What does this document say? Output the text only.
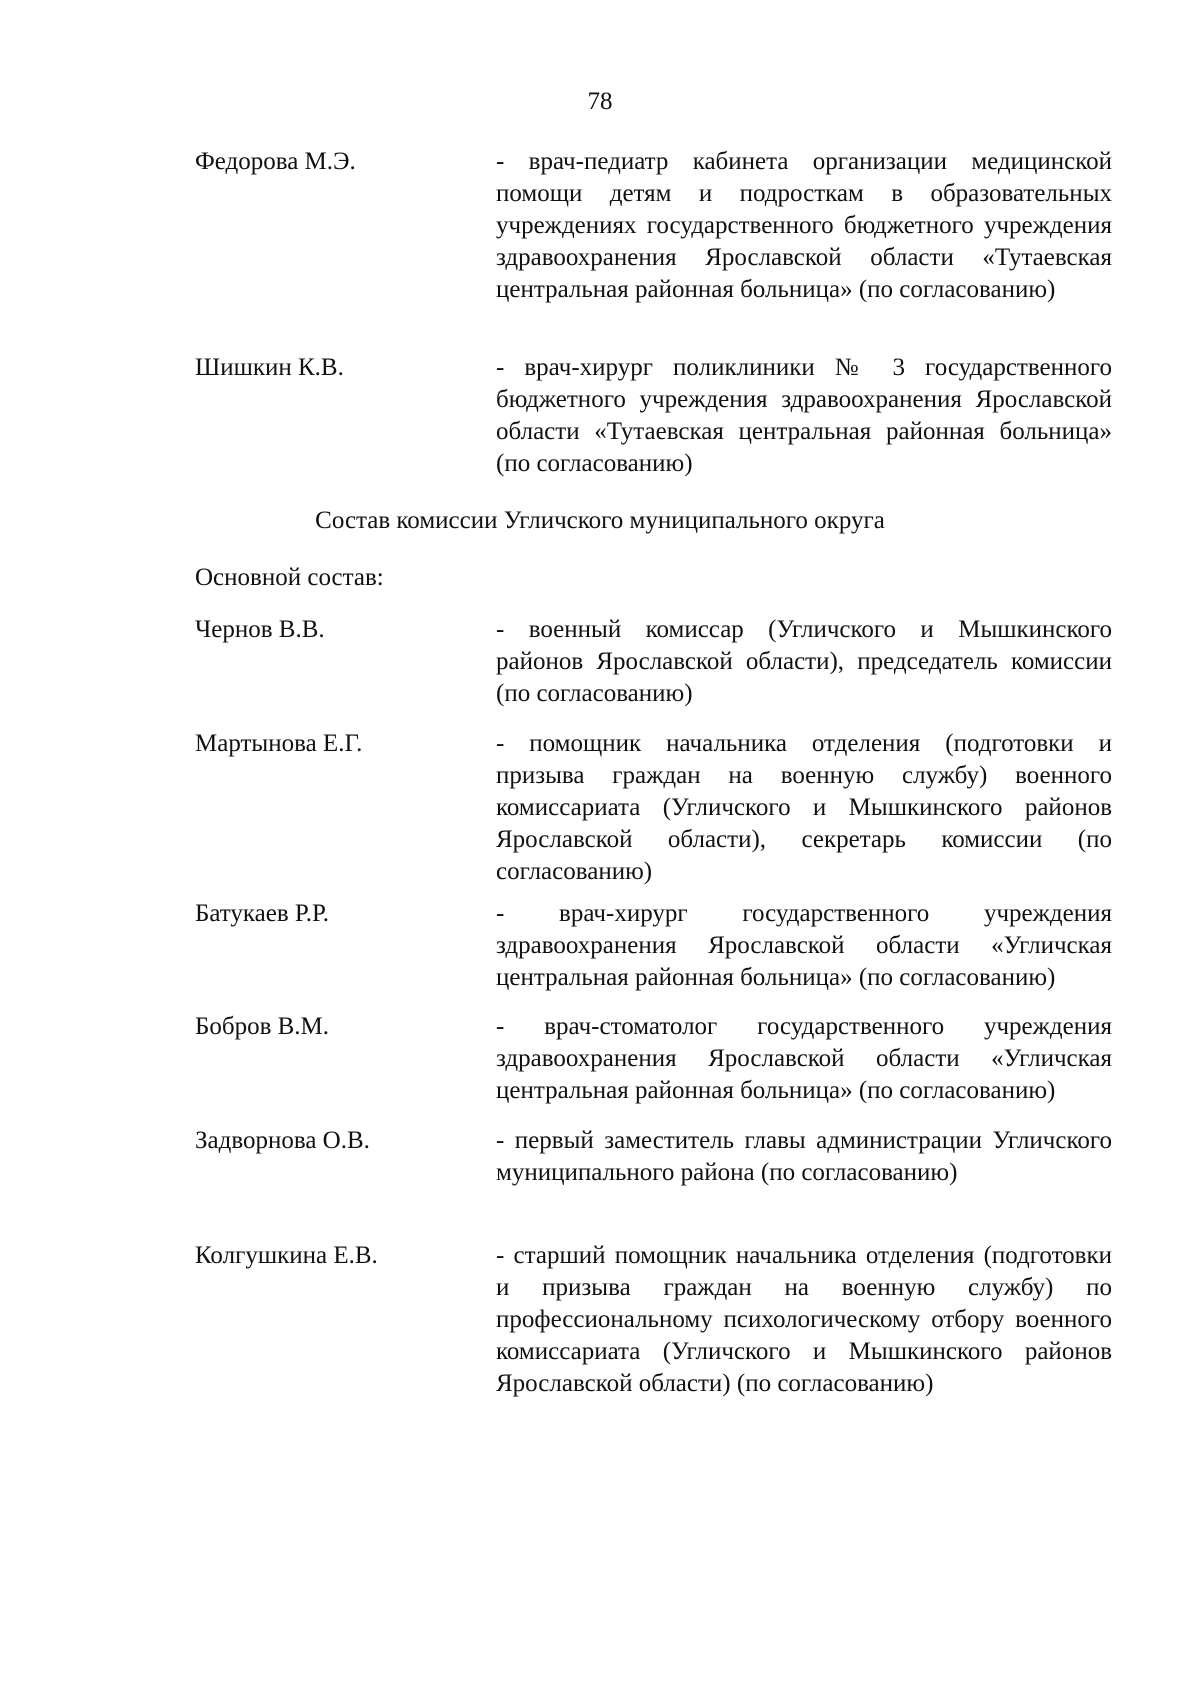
78
Федорова М.Э.	- врач-педиатр кабинета организации медицинской помощи детям и подросткам в образовательных учреждениях государственного бюджетного учреждения здравоохранения Ярославской области «Тутаевская центральная районная больница» (по согласованию)
Шишкин К.В.	- врач-хирург поликлиники № 3 государственного бюджетного учреждения здравоохранения Ярославской области «Тутаевская центральная районная больница» (по согласованию)
Состав комиссии Угличского муниципального округа
Основной состав:
Чернов В.В.	- военный комиссар (Угличского и Мышкинского районов Ярославской области), председатель комиссии (по согласованию)
Мартынова Е.Г.	- помощник начальника отделения (подготовки и призыва граждан на военную службу) военного комиссариата (Угличского и Мышкинского районов Ярославской области), секретарь комиссии (по согласованию)
Батукаев Р.Р.	- врач-хирург государственного учреждения здравоохранения Ярославской области «Угличская центральная районная больница» (по согласованию)
Бобров В.М.	- врач-стоматолог государственного учреждения здравоохранения Ярославской области «Угличская центральная районная больница» (по согласованию)
Задворнова О.В.	- первый заместитель главы администрации Угличского муниципального района (по согласованию)
Колгушкина Е.В.	- старший помощник начальника отделения (подготовки и призыва граждан на военную службу) по профессиональному психологическому отбору военного комиссариата (Угличского и Мышкинского районов Ярославской области) (по согласованию)
